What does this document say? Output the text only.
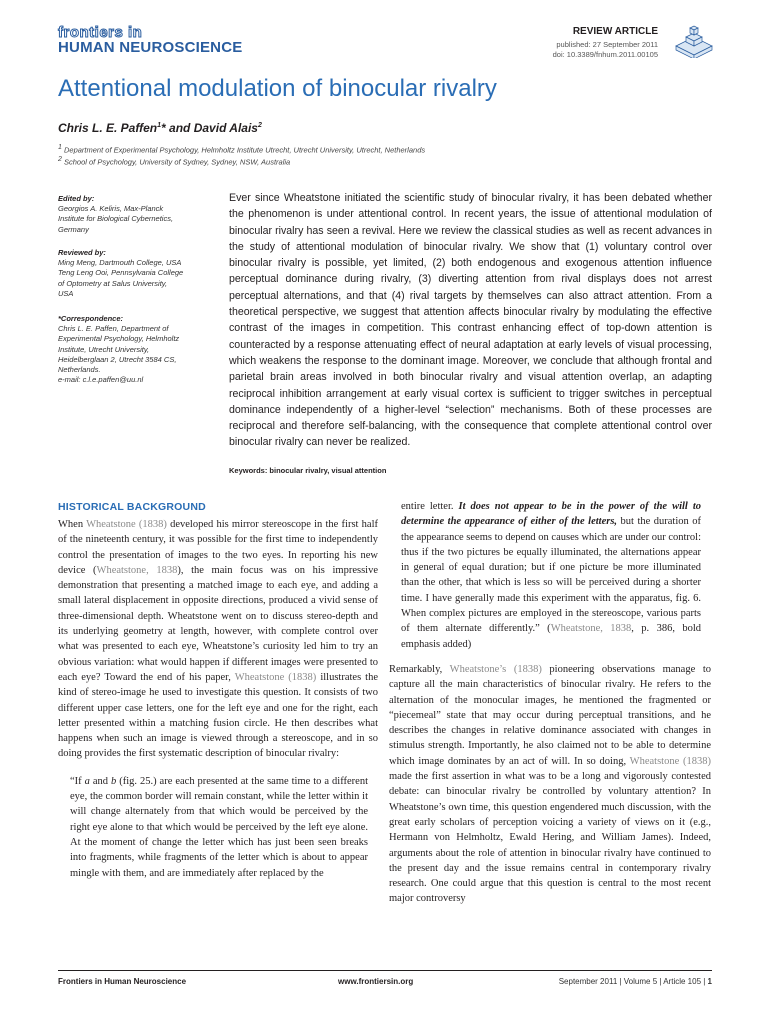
frontiers in
HUMAN NEUROSCIENCE
REVIEW ARTICLE
published: 27 September 2011
doi: 10.3389/fnhum.2011.00105
Attentional modulation of binocular rivalry
Chris L. E. Paffen$^1$* and David Alais$^2$
$^1$ Department of Experimental Psychology, Helmholtz Institute Utrecht, Utrecht University, Utrecht, Netherlands
$^2$ School of Psychology, University of Sydney, Sydney, NSW, Australia
Edited by:
Georgios A. Keliris, Max-Planck
Institute for Biological Cybernetics,
Germany
Reviewed by:
Ming Meng, Dartmouth College, USA
Teng Leng Ooi, Pennsylvania College
of Optometry at Salus University,
USA
*Correspondence:
Chris L. E. Paffen, Department of
Experimental Psychology, Helmholtz
Institute, Utrecht University,
Heidelberglaan 2, Utrecht 3584 CS,
Netherlands.
e-mail: c.l.e.paffen@uu.nl
Ever since Wheatstone initiated the scientific study of binocular rivalry, it has been debated whether the phenomenon is under attentional control. In recent years, the issue of attentional modulation of binocular rivalry has seen a revival. Here we review the classical studies as well as recent advances in the study of attentional modulation of binocular rivalry. We show that (1) voluntary control over binocular rivalry is possible, yet limited, (2) both endogenous and exogenous attention influence perceptual dominance during rivalry, (3) diverting attention from rival displays does not arrest perceptual alternations, and that (4) rival targets by themselves can also attract attention. From a theoretical perspective, we suggest that attention affects binocular rivalry by modulating the effective contrast of the images in competition. This contrast enhancing effect of top-down attention is counteracted by a response attenuating effect of neural adaptation at early levels of visual processing, which weakens the response to the dominant image. Moreover, we conclude that although frontal and parietal brain areas involved in both binocular rivalry and visual attention overlap, an adapting reciprocal inhibition arrangement at early visual cortex is sufficient to trigger switches in perceptual dominance independently of a higher-level “selection” mechanisms. Both of these processes are reciprocal and therefore self-balancing, with the consequence that complete attentional control over binocular rivalry can never be realized.
Keywords: binocular rivalry, visual attention
HISTORICAL BACKGROUND
When Wheatstone (1838) developed his mirror stereoscope in the first half of the nineteenth century, it was possible for the first time to independently control the presentation of images to the two eyes. In reporting his new device (Wheatstone, 1838), the main focus was on his impressive demonstration that presenting a matched image to each eye, and adding a small lateral displacement in opposite directions, produced a vivid sense of three-dimensional depth. Wheatstone went on to discuss stereo-depth and its underlying geometry at length, however, with complete control over what was presented to each eye, Wheatstone’s curiosity led him to try an obvious variation: what would happen if different images were presented to each eye? Toward the end of his paper, Wheatstone (1838) illustrates the kind of stereo-image he used to investigate this question. It consists of two different upper case letters, one for the left eye and one for the right, each letter presented within a matching fusion circle. He then describes what happens when such an image is viewed through a stereoscope, and in so doing provides the first systematic description of binocular rivalry:
“If a and b (fig. 25.) are each presented at the same time to a different eye, the common border will remain constant, while the letter within it will change alternately from that which would be perceived by the right eye alone to that which would be perceived by the left eye alone. At the moment of change the letter which has just been seen breaks into fragments, while fragments of the letter which is about to appear mingle with them, and are immediately after replaced by the
entire letter. It does not appear to be in the power of the will to determine the appearance of either of the letters, but the duration of the appearance seems to depend on causes which are under our control: thus if the two pictures be equally illuminated, the alternations appear in general of equal duration; but if one picture be more illuminated than the other, that which is less so will be perceived during a shorter time. I have generally made this experiment with the apparatus, fig. 6. When complex pictures are employed in the stereoscope, various parts of them alternate differently.” (Wheatstone, 1838, p. 386, bold emphasis added)
Remarkably, Wheatstone’s (1838) pioneering observations manage to capture all the main characteristics of binocular rivalry. He refers to the alternation of the monocular images, he mentioned the fragmented or “piecemeal” state that may occur during perceptual transitions, and he describes the changes in relative dominance associated with changes in stimulus strength. Importantly, he also claimed not to be able to determine which image dominates by an act of will. In so doing, Wheatstone (1838) made the first assertion in what was to be a long and vigorously contested debate: can binocular rivalry be controlled by voluntary attention? In Wheatstone’s own time, this question engendered much discussion, with the great early scholars of perception voicing a variety of views on it (e.g., Hermann von Helmholtz, Ewald Hering, and William James). Indeed, arguments about the role of attention in binocular rivalry have continued to the present day and the issue remains central in contemporary rivalry research. One could argue that this question is central to the most recent major controversy
Frontiers in Human Neuroscience	www.frontiersin.org	September 2011 | Volume 5 | Article 105 | 1
